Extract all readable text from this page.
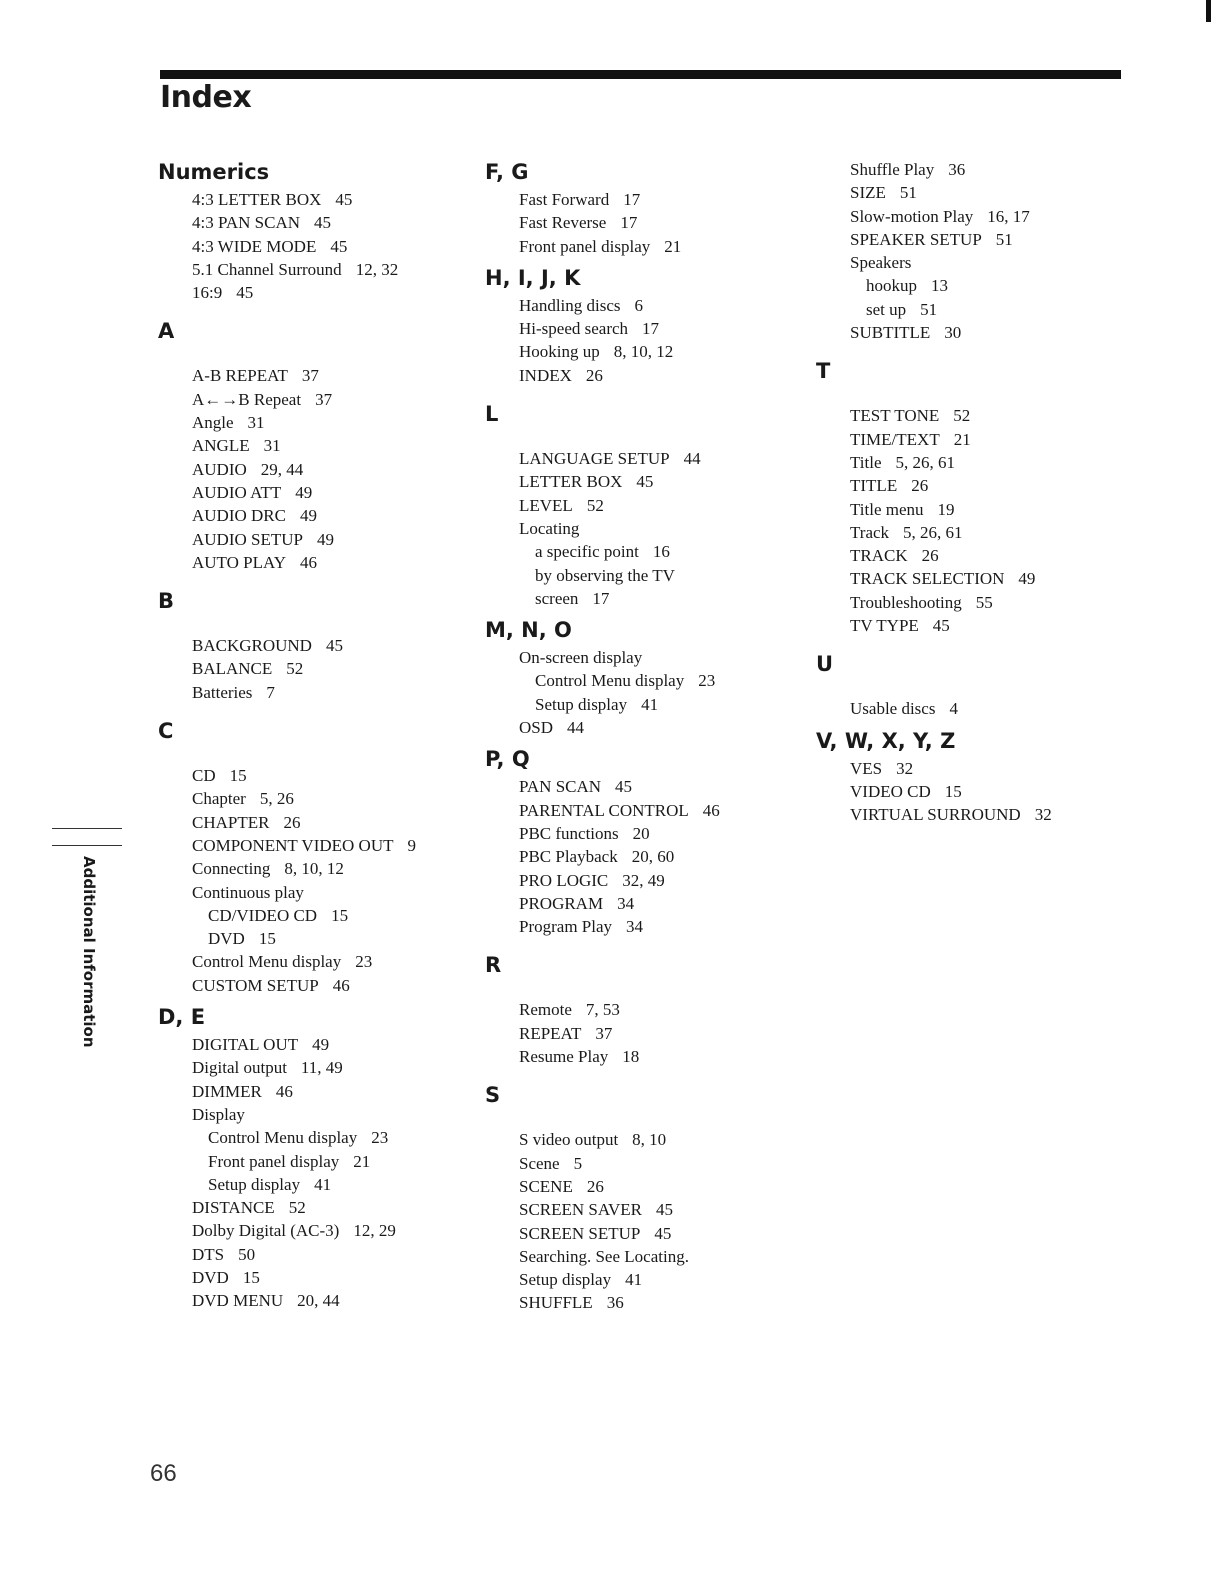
Index
Numerics
4:3 LETTER BOX 45
4:3 PAN SCAN 45
4:3 WIDE MODE 45
5.1 Channel Surround 12, 32
16:9 45
A
A-B REPEAT 37
A←→B Repeat 37
Angle 31
ANGLE 31
AUDIO 29, 44
AUDIO ATT 49
AUDIO DRC 49
AUDIO SETUP 49
AUTO PLAY 46
B
BACKGROUND 45
BALANCE 52
Batteries 7
C
CD 15
Chapter 5, 26
CHAPTER 26
COMPONENT VIDEO OUT 9
Connecting 8, 10, 12
Continuous play
CD/VIDEO CD 15
DVD 15
Control Menu display 23
CUSTOM SETUP 46
D, E
DIGITAL OUT 49
Digital output 11, 49
DIMMER 46
Display
Control Menu display 23
Front panel display 21
Setup display 41
DISTANCE 52
Dolby Digital (AC-3) 12, 29
DTS 50
DVD 15
DVD MENU 20, 44
F, G
Fast Forward 17
Fast Reverse 17
Front panel display 21
H, I, J, K
Handling discs 6
Hi-speed search 17
Hooking up 8, 10, 12
INDEX 26
L
LANGUAGE SETUP 44
LETTER BOX 45
LEVEL 52
Locating
a specific point 16
by observing the TV
screen 17
M, N, O
On-screen display
Control Menu display 23
Setup display 41
OSD 44
P, Q
PAN SCAN 45
PARENTAL CONTROL 46
PBC functions 20
PBC Playback 20, 60
PRO LOGIC 32, 49
PROGRAM 34
Program Play 34
R
Remote 7, 53
REPEAT 37
Resume Play 18
S
S video output 8, 10
Scene 5
SCENE 26
SCREEN SAVER 45
SCREEN SETUP 45
Searching. See Locating.
Setup display 41
SHUFFLE 36
Shuffle Play 36
SIZE 51
Slow-motion Play 16, 17
SPEAKER SETUP 51
Speakers
hookup 13
set up 51
SUBTITLE 30
T
TEST TONE 52
TIME/TEXT 21
Title 5, 26, 61
TITLE 26
Title menu 19
Track 5, 26, 61
TRACK 26
TRACK SELECTION 49
Troubleshooting 55
TV TYPE 45
U
Usable discs 4
V, W, X, Y, Z
VES 32
VIDEO CD 15
VIRTUAL SURROUND 32
Additional Information
66
